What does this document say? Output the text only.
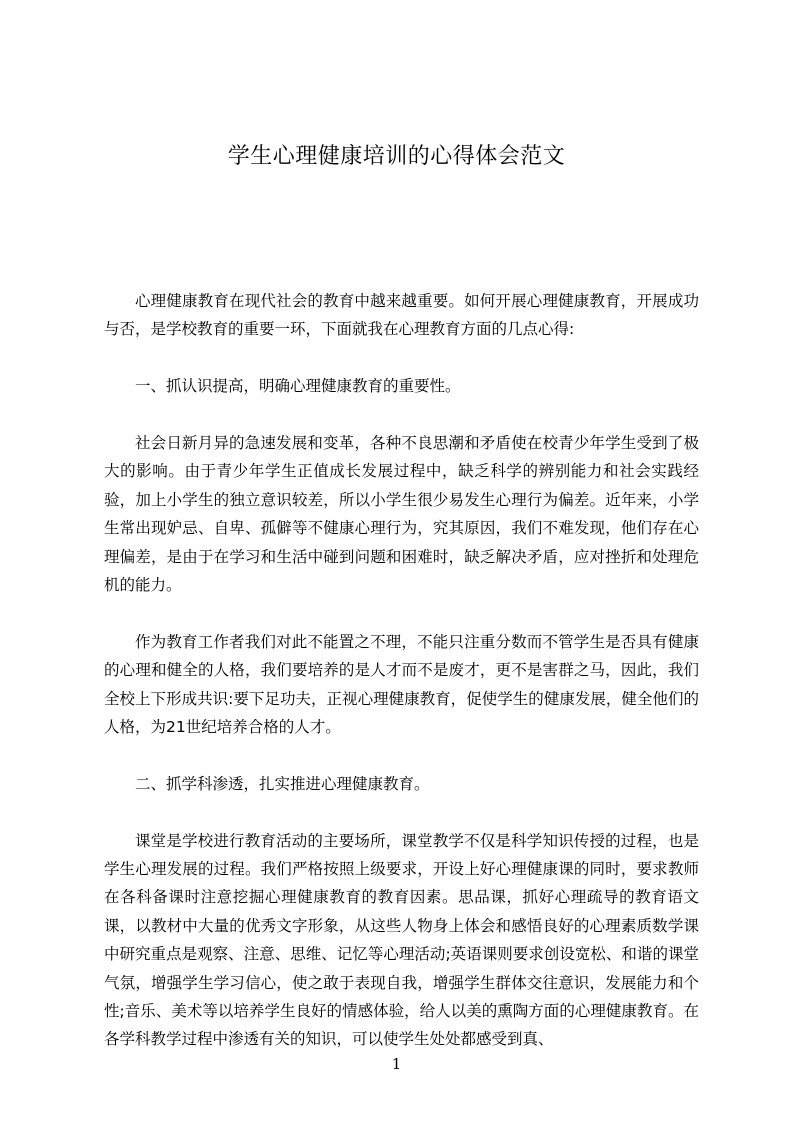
学生心理健康培训的心得体会范文

心理健康教育在现代社会的教育中越来越重要。如何开展心理健康教育，开展成功与否，是学校教育的重要一环，下面就我在心理教育方面的几点心得:

一、抓认识提高，明确心理健康教育的重要性。

社会日新月异的急速发展和变革，各种不良思潮和矛盾使在校青少年学生受到了极大的影响。由于青少年学生正值成长发展过程中，缺乏科学的辨别能力和社会实践经验，加上小学生的独立意识较差，所以小学生很少易发生心理行为偏差。近年来，小学生常出现妒忌、自卑、孤僻等不健康心理行为，究其原因，我们不难发现，他们存在心理偏差，是由于在学习和生活中碰到问题和困难时，缺乏解决矛盾，应对挫折和处理危机的能力。

作为教育工作者我们对此不能置之不理，不能只注重分数而不管学生是否具有健康的心理和健全的人格，我们要培养的是人才而不是废才，更不是害群之马，因此，我们全校上下形成共识:要下足功夫，正视心理健康教育，促使学生的健康发展，健全他们的人格，为21世纪培养合格的人才。

二、抓学科渗透，扎实推进心理健康教育。

课堂是学校进行教育活动的主要场所，课堂教学不仅是科学知识传授的过程，也是学生心理发展的过程。我们严格按照上级要求，开设上好心理健康课的同时，要求教师在各科备课时注意挖掘心理健康教育的教育因素。思品课，抓好心理疏导的教育语文课，以教材中大量的优秀文字形象，从这些人物身上体会和感悟良好的心理素质数学课中研究重点是观察、注意、思维、记忆等心理活动;英语课则要求创设宽松、和谐的课堂气氛，增强学生学习信心，使之敢于表现自我，增强学生群体交往意识，发展能力和个性;音乐、美术等以培养学生良好的情感体验，给人以美的熏陶方面的心理健康教育。在各学科教学过程中渗透有关的知识，可以使学生处处都感受到真、

1
